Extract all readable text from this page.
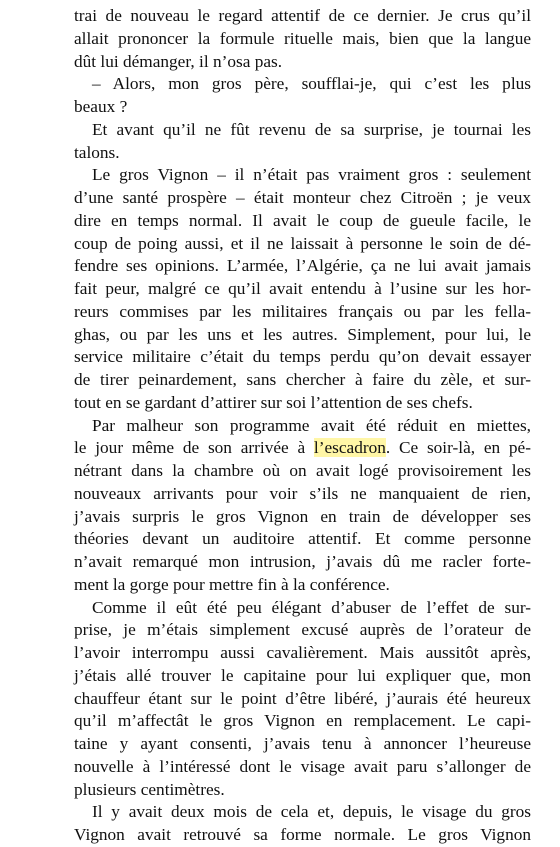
trai de nouveau le regard attentif de ce dernier. Je crus qu’il
allait prononcer la formule rituelle mais, bien que la langue
dût lui démanger, il n’osa pas.
– Alors, mon gros père, soufflai-je, qui c’est les plus
beaux ?
Et avant qu’il ne fût revenu de sa surprise, je tournai les
talons.
Le gros Vignon – il n’était pas vraiment gros : seulement
d’une santé prospère – était monteur chez Citroën ; je veux
dire en temps normal. Il avait le coup de gueule facile, le
coup de poing aussi, et il ne laissait à personne le soin de dé-
fendre ses opinions. L’armée, l’Algérie, ça ne lui avait jamais
fait peur, malgré ce qu’il avait entendu à l’usine sur les hor-
reurs commises par les militaires français ou par les fella-
ghas, ou par les uns et les autres. Simplement, pour lui, le
service militaire c’était du temps perdu qu’on devait essayer
de tirer peinardement, sans chercher à faire du zèle, et sur-
tout en se gardant d’attirer sur soi l’attention de ses chefs.
Par malheur son programme avait été réduit en miettes,
le jour même de son arrivée à l’escadron. Ce soir-là, en pé-
nétrant dans la chambre où on avait logé provisoirement les
nouveaux arrivants pour voir s’ils ne manquaient de rien,
j’avais surpris le gros Vignon en train de développer ses
théories devant un auditoire attentif. Et comme personne
n’avait remarqué mon intrusion, j’avais dû me racler forte-
ment la gorge pour mettre fin à la conférence.
Comme il eût été peu élégant d’abuser de l’effet de sur-
prise, je m’étais simplement excusé auprès de l’orateur de
l’avoir interrompu aussi cavalièrement. Mais aussitôt après,
j’étais allé trouver le capitaine pour lui expliquer que, mon
chauffeur étant sur le point d’être libéré, j’aurais été heureux
qu’il m’affectât le gros Vignon en remplacement. Le capi-
taine y ayant consenti, j’avais tenu à annoncer l’heureuse
nouvelle à l’intéressé dont le visage avait paru s’allonger de
plusieurs centimètres.
Il y avait deux mois de cela et, depuis, le visage du gros
Vignon avait retrouvé sa forme normale. Le gros Vignon
